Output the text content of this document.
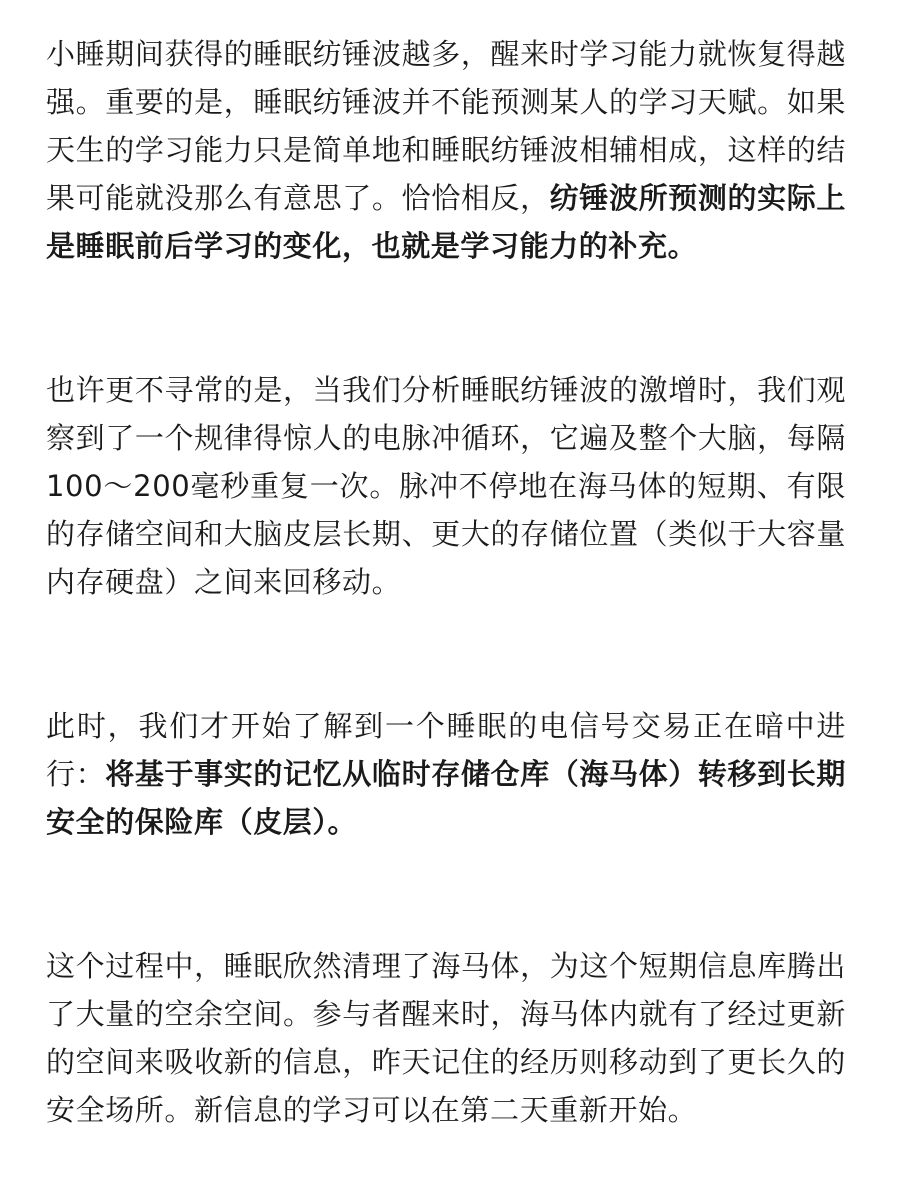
小睡期间获得的睡眠纺锤波越多，醒来时学习能力就恢复得越强。重要的是，睡眠纺锤波并不能预测某人的学习天赋。如果天生的学习能力只是简单地和睡眠纺锤波相辅相成，这样的结果可能就没那么有意思了。恰恰相反，纺锤波所预测的实际上是睡眠前后学习的变化，也就是学习能力的补充。

也许更不寻常的是，当我们分析睡眠纺锤波的激增时，我们观察到了一个规律得惊人的电脉冲循环，它遍及整个大脑，每隔100～200毫秒重复一次。脉冲不停地在海马体的短期、有限的存储空间和大脑皮层长期、更大的存储位置（类似于大容量内存硬盘）之间来回移动。

此时，我们才开始了解到一个睡眠的电信号交易正在暗中进行：将基于事实的记忆从临时存储仓库（海马体）转移到长期安全的保险库（皮层）。

这个过程中，睡眠欣然清理了海马体，为这个短期信息库腾出了大量的空余空间。参与者醒来时，海马体内就有了经过更新的空间来吸收新的信息，昨天记住的经历则移动到了更长久的安全场所。新信息的学习可以在第二天重新开始。
